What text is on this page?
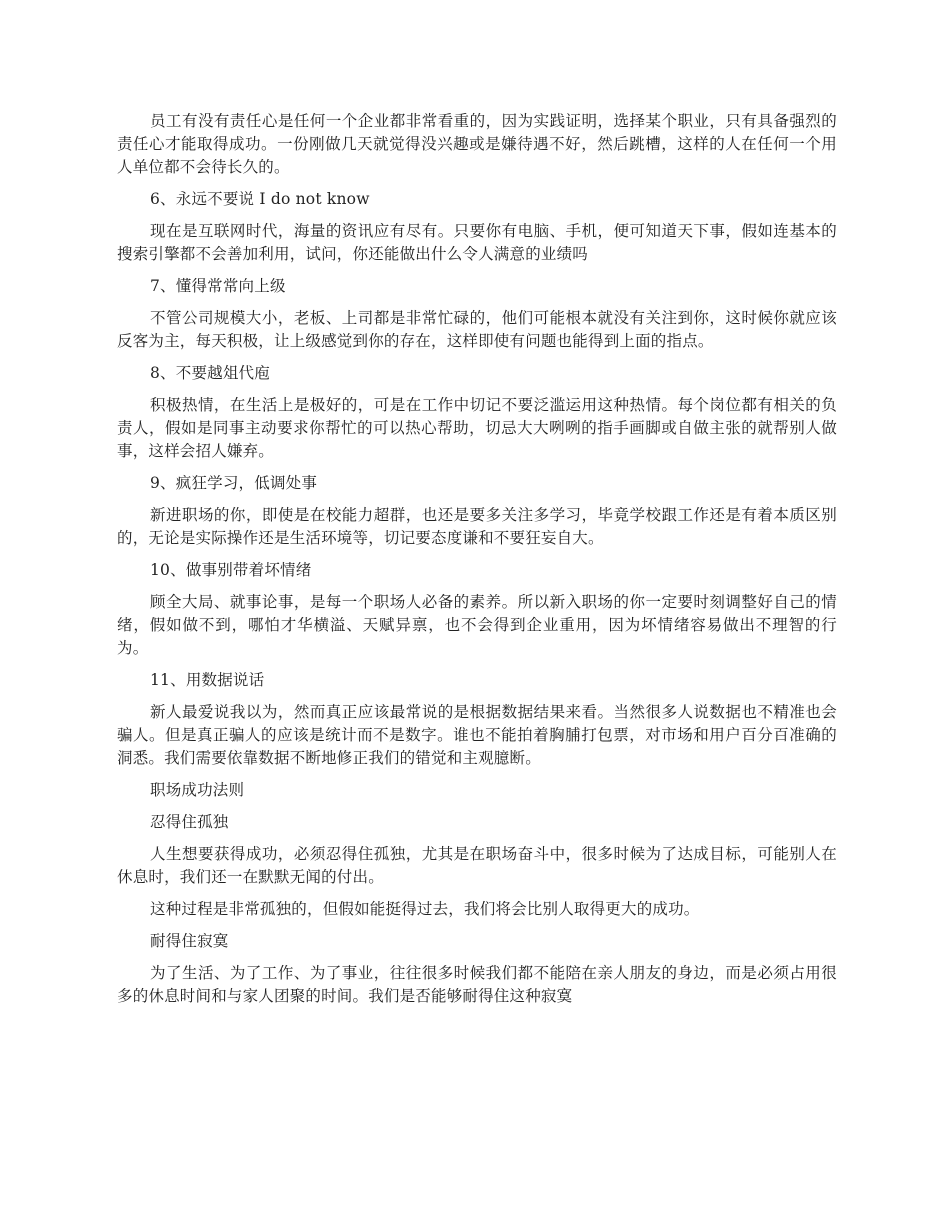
员工有没有责任心是任何一个企业都非常看重的，因为实践证明，选择某个职业，只有具备强烈的责任心才能取得成功。一份刚做几天就觉得没兴趣或是嫌待遇不好，然后跳槽，这样的人在任何一个用人单位都不会待长久的。

6、永远不要说 I do not know

现在是互联网时代，海量的资讯应有尽有。只要你有电脑、手机，便可知道天下事，假如连基本的搜索引擎都不会善加利用，试问，你还能做出什么令人满意的业绩吗

7、懂得常常向上级

不管公司规模大小，老板、上司都是非常忙碌的，他们可能根本就没有关注到你，这时候你就应该反客为主，每天积极，让上级感觉到你的存在，这样即使有问题也能得到上面的指点。

8、不要越俎代庖

积极热情，在生活上是极好的，可是在工作中切记不要泛滥运用这种热情。每个岗位都有相关的负责人，假如是同事主动要求你帮忙的可以热心帮助，切忌大大咧咧的指手画脚或自做主张的就帮别人做事，这样会招人嫌弃。

9、疯狂学习，低调处事

新进职场的你，即使是在校能力超群，也还是要多关注多学习，毕竟学校跟工作还是有着本质区别的，无论是实际操作还是生活环境等，切记要态度谦和不要狂妄自大。

10、做事别带着坏情绪

顾全大局、就事论事，是每一个职场人必备的素养。所以新入职场的你一定要时刻调整好自己的情绪，假如做不到，哪怕才华横溢、天赋异禀，也不会得到企业重用，因为坏情绪容易做出不理智的行为。

11、用数据说话

新人最爱说我以为，然而真正应该最常说的是根据数据结果来看。当然很多人说数据也不精准也会骗人。但是真正骗人的应该是统计而不是数字。谁也不能拍着胸脯打包票，对市场和用户百分百准确的洞悉。我们需要依靠数据不断地修正我们的错觉和主观臆断。

职场成功法则

忍得住孤独

人生想要获得成功，必须忍得住孤独，尤其是在职场奋斗中，很多时候为了达成目标，可能别人在休息时，我们还一在默默无闻的付出。

这种过程是非常孤独的，但假如能挺得过去，我们将会比别人取得更大的成功。

耐得住寂寞

为了生活、为了工作、为了事业，往往很多时候我们都不能陪在亲人朋友的身边，而是必须占用很多的休息时间和与家人团聚的时间。我们是否能够耐得住这种寂寞
